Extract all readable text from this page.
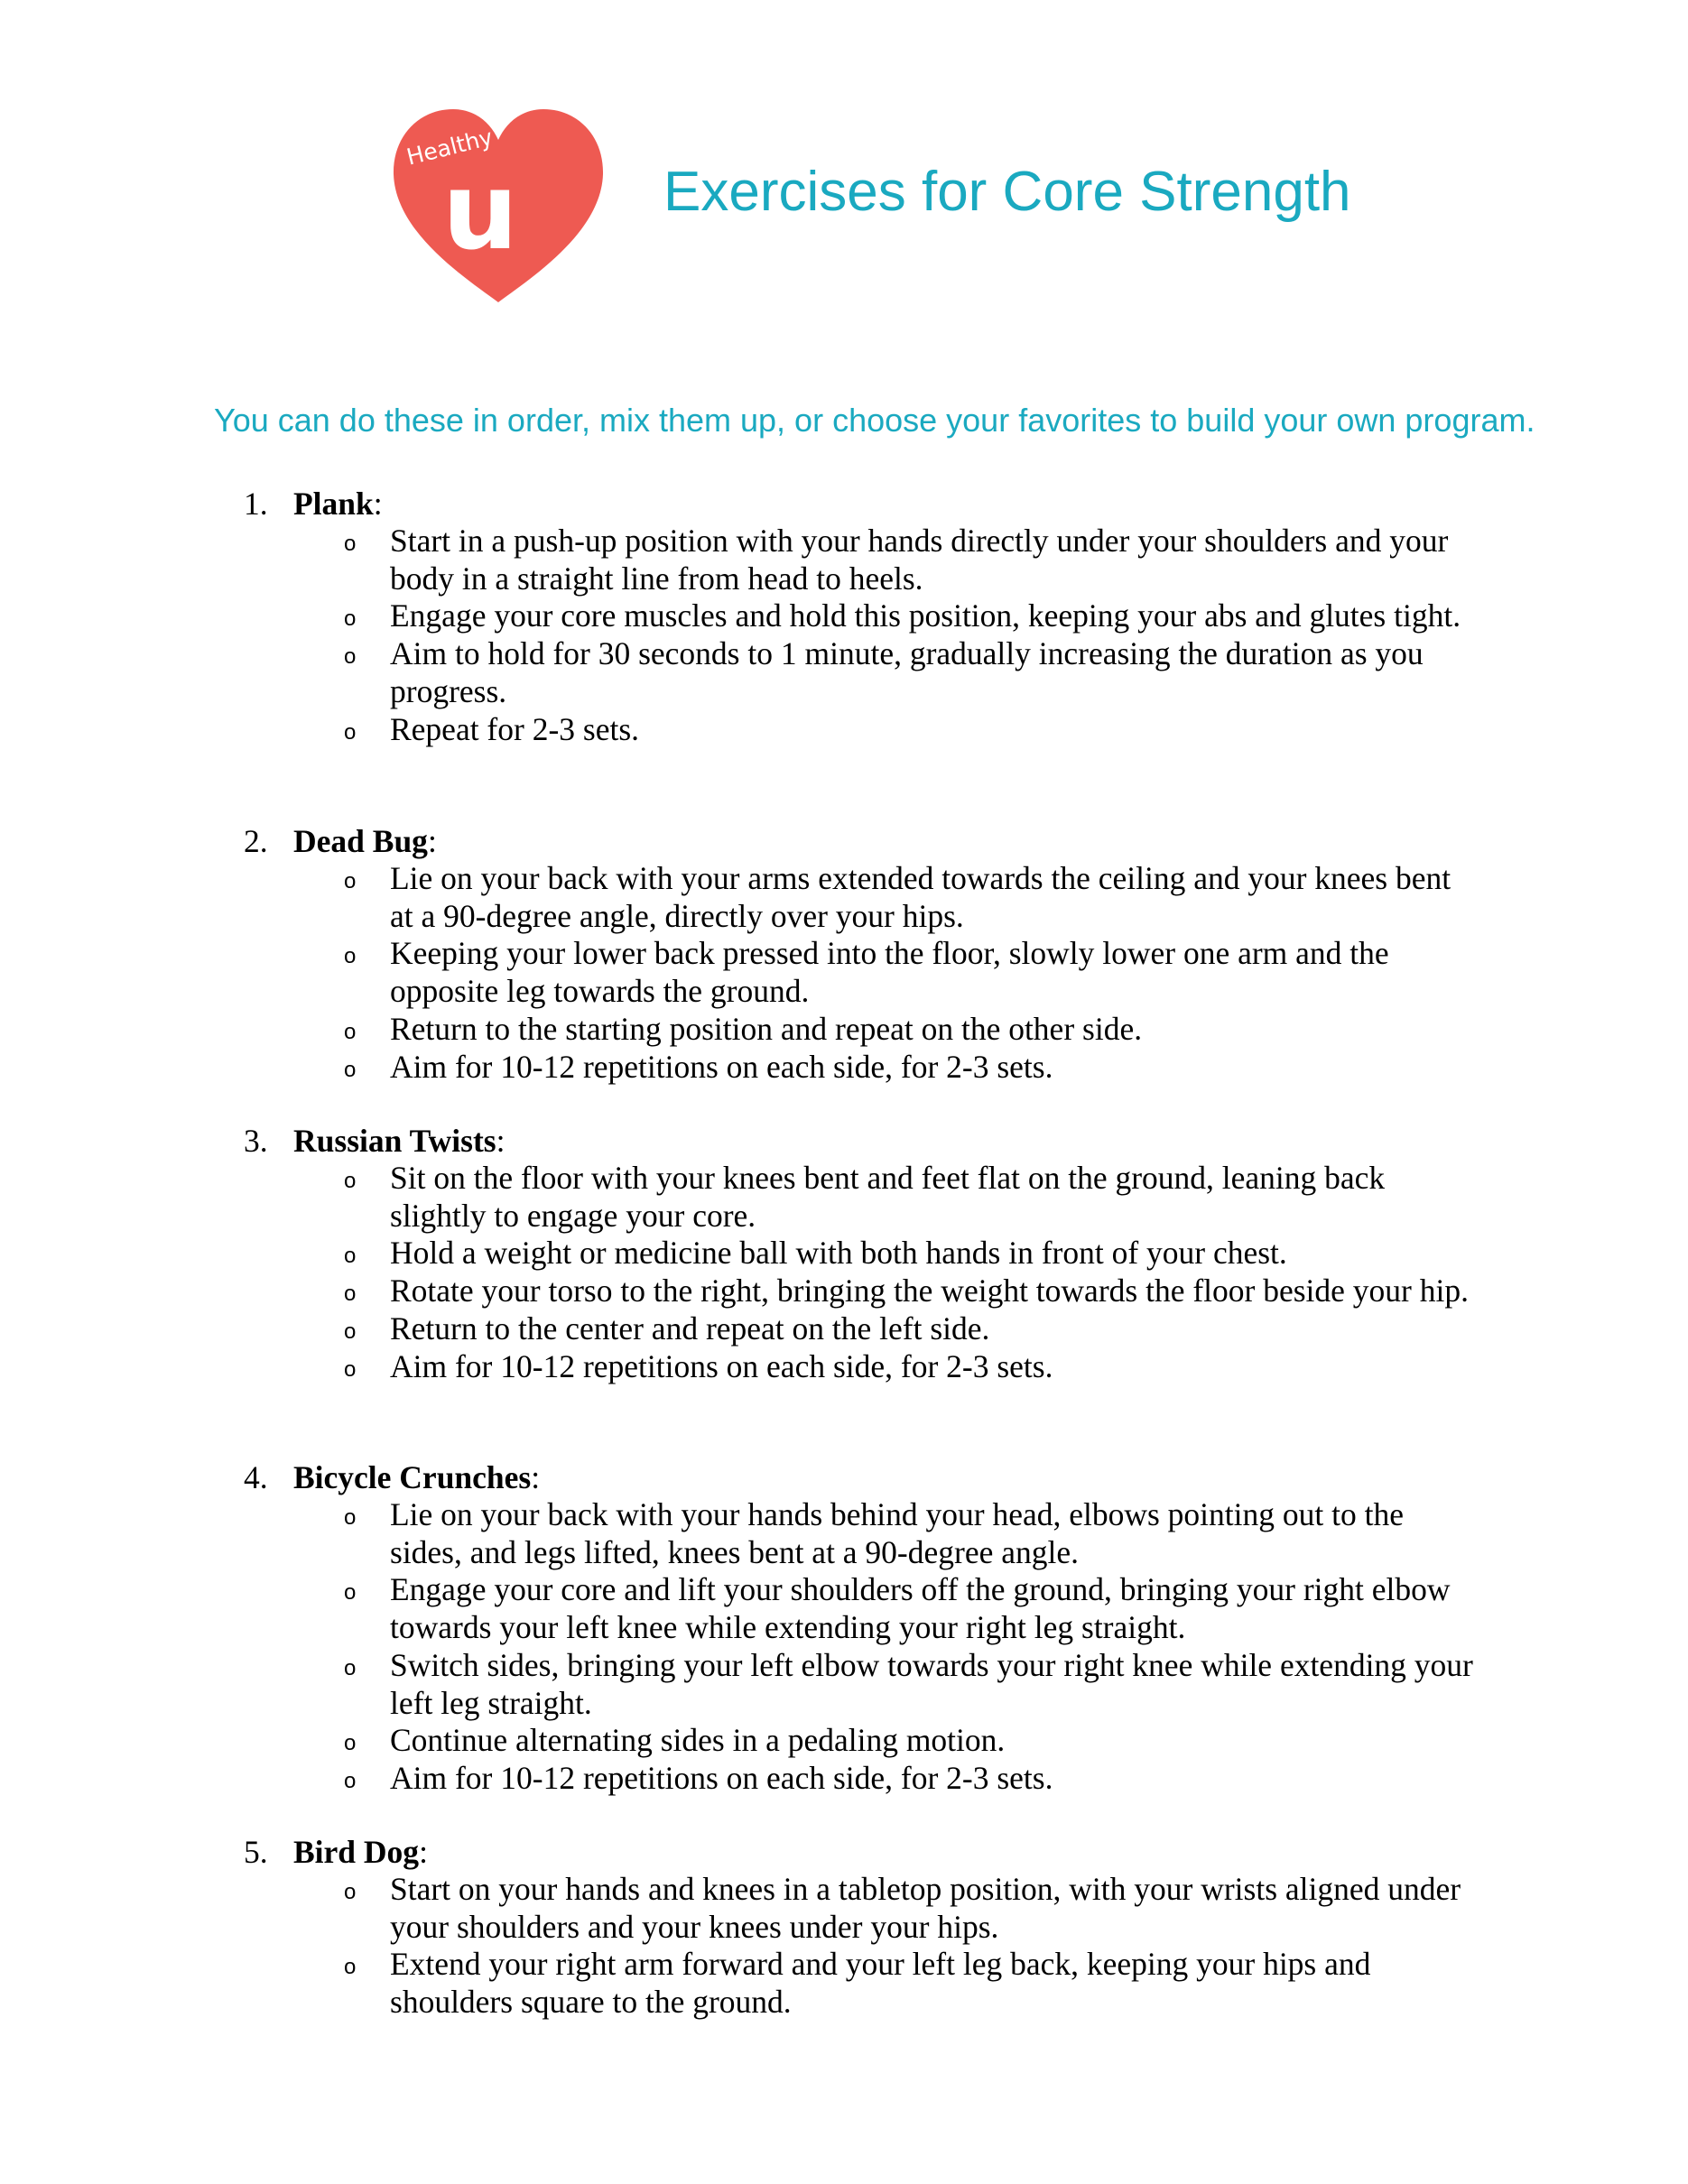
Healthy
u	Exercises for Core Strength

You can do these in order, mix them up, or choose your favorites to build your own program.

1. Plank:
o Start in a push-up position with your hands directly under your shoulders and your body in a straight line from head to heels.
o Engage your core muscles and hold this position, keeping your abs and glutes tight.
o Aim to hold for 30 seconds to 1 minute, gradually increasing the duration as you progress.
o Repeat for 2-3 sets.
2. Dead Bug:
o Lie on your back with your arms extended towards the ceiling and your knees bent at a 90-degree angle, directly over your hips.
o Keeping your lower back pressed into the floor, slowly lower one arm and the opposite leg towards the ground.
o Return to the starting position and repeat on the other side.
o Aim for 10-12 repetitions on each side, for 2-3 sets.
3. Russian Twists:
o Sit on the floor with your knees bent and feet flat on the ground, leaning back slightly to engage your core.
o Hold a weight or medicine ball with both hands in front of your chest.
o Rotate your torso to the right, bringing the weight towards the floor beside your hip.
o Return to the center and repeat on the left side.
o Aim for 10-12 repetitions on each side, for 2-3 sets.
4. Bicycle Crunches:
o Lie on your back with your hands behind your head, elbows pointing out to the sides, and legs lifted, knees bent at a 90-degree angle.
o Engage your core and lift your shoulders off the ground, bringing your right elbow towards your left knee while extending your right leg straight.
o Switch sides, bringing your left elbow towards your right knee while extending your left leg straight.
o Continue alternating sides in a pedaling motion.
o Aim for 10-12 repetitions on each side, for 2-3 sets.
5. Bird Dog:
o Start on your hands and knees in a tabletop position, with your wrists aligned under your shoulders and your knees under your hips.
o Extend your right arm forward and your left leg back, keeping your hips and shoulders square to the ground.
